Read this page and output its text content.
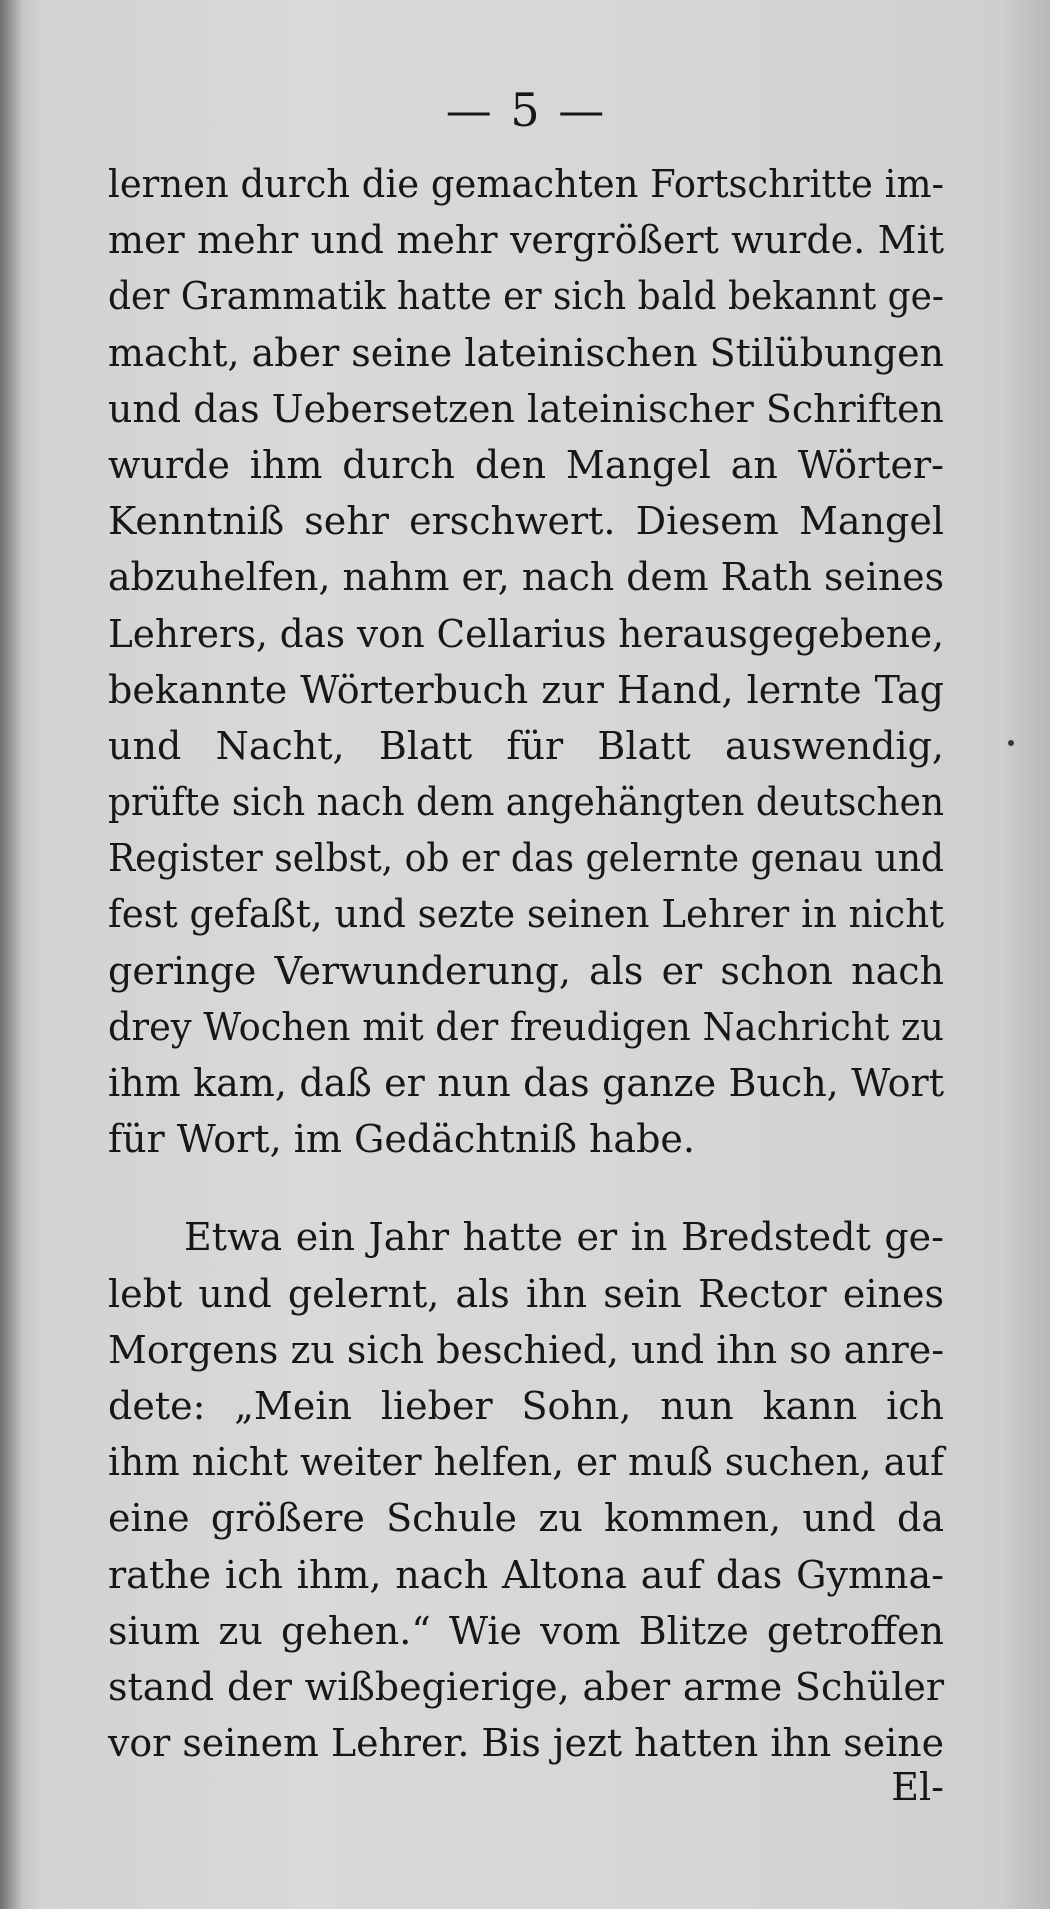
— 5 —
lernen durch die gemachten Fortschritte im-
mer mehr und mehr vergrößert wurde. Mit
der Grammatik hatte er sich bald bekannt ge-
macht, aber seine lateinischen Stilübungen
und das Uebersetzen lateinischer Schriften
wurde ihm durch den Mangel an Wörter-
Kenntniß sehr erschwert. Diesem Mangel
abzuhelfen, nahm er, nach dem Rath seines
Lehrers, das von Cellarius herausgegebene,
bekannte Wörterbuch zur Hand, lernte Tag
und Nacht, Blatt für Blatt auswendig,
prüfte sich nach dem angehängten deutschen
Register selbst, ob er das gelernte genau und
fest gefaßt, und sezte seinen Lehrer in nicht
geringe Verwunderung, als er schon nach
drey Wochen mit der freudigen Nachricht zu
ihm kam, daß er nun das ganze Buch, Wort
für Wort, im Gedächtniß habe.
Etwa ein Jahr hatte er in Bredstedt ge-
lebt und gelernt, als ihn sein Rector eines
Morgens zu sich beschied, und ihn so anre-
dete: „Mein lieber Sohn, nun kann ich
ihm nicht weiter helfen, er muß suchen, auf
eine größere Schule zu kommen, und da
rathe ich ihm, nach Altona auf das Gymna-
sium zu gehen.“ Wie vom Blitze getroffen
stand der wißbegierige, aber arme Schüler
vor seinem Lehrer. Bis jezt hatten ihn seine
El-
